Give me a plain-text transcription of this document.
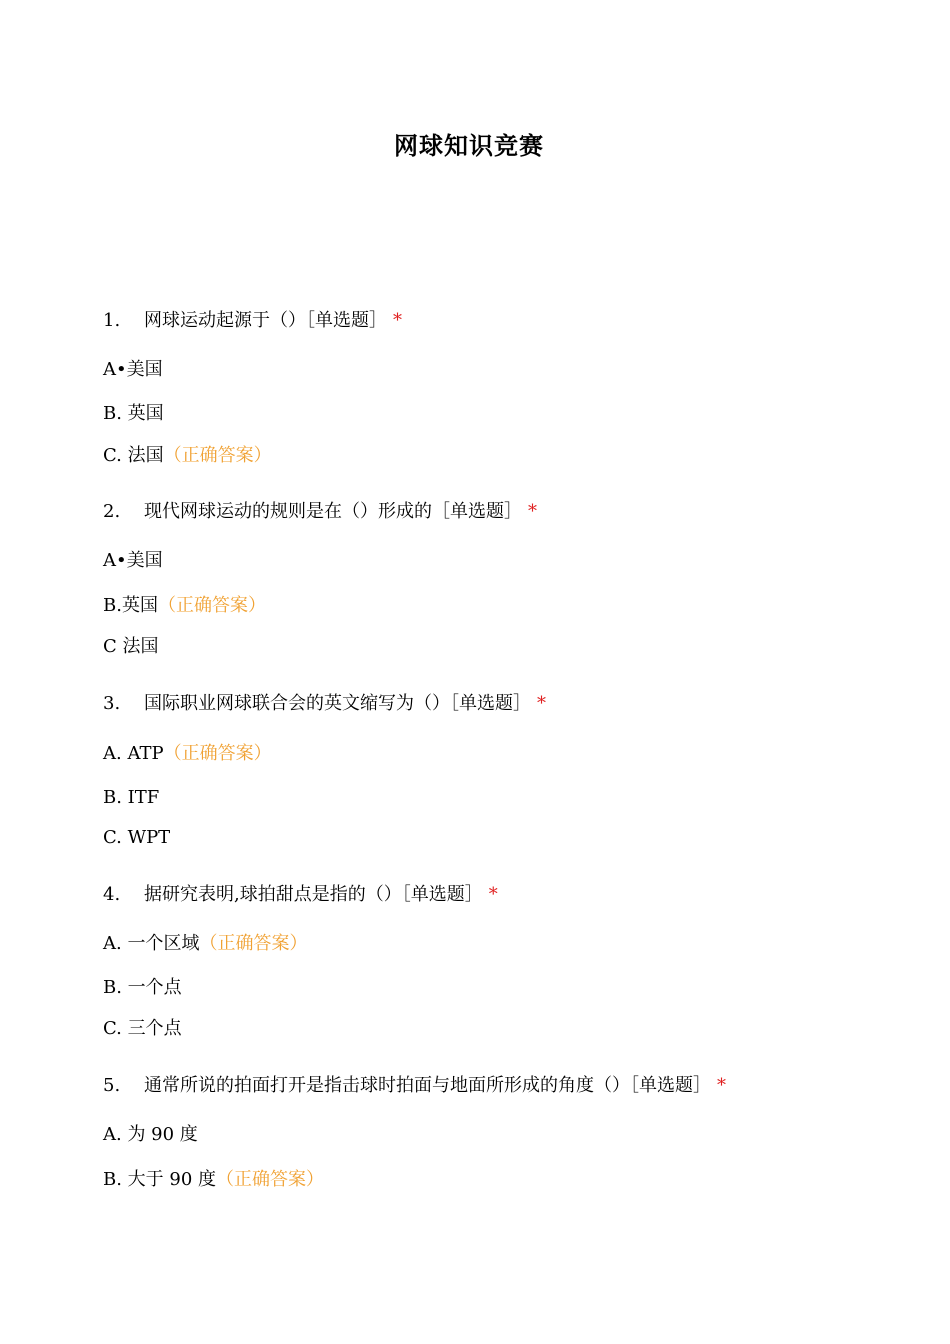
网球知识竞赛
1. 网球运动起源于（）［单选题］ *
A•美国
B. 英国
C. 法国（正确答案）
2. 现代网球运动的规则是在（）形成的［单选题］ *
A•美国
B.英国（正确答案）
C 法国
3. 国际职业网球联合会的英文缩写为（）［单选题］ *
A. ATP（正确答案）
B. ITF
C. WPT
4. 据研究表明,球拍甜点是指的（）［单选题］ *
A. 一个区域（正确答案）
B. 一个点
C. 三个点
5. 通常所说的拍面打开是指击球时拍面与地面所形成的角度（）［单选题］ *
A. 为 90 度
B. 大于 90 度（正确答案）
